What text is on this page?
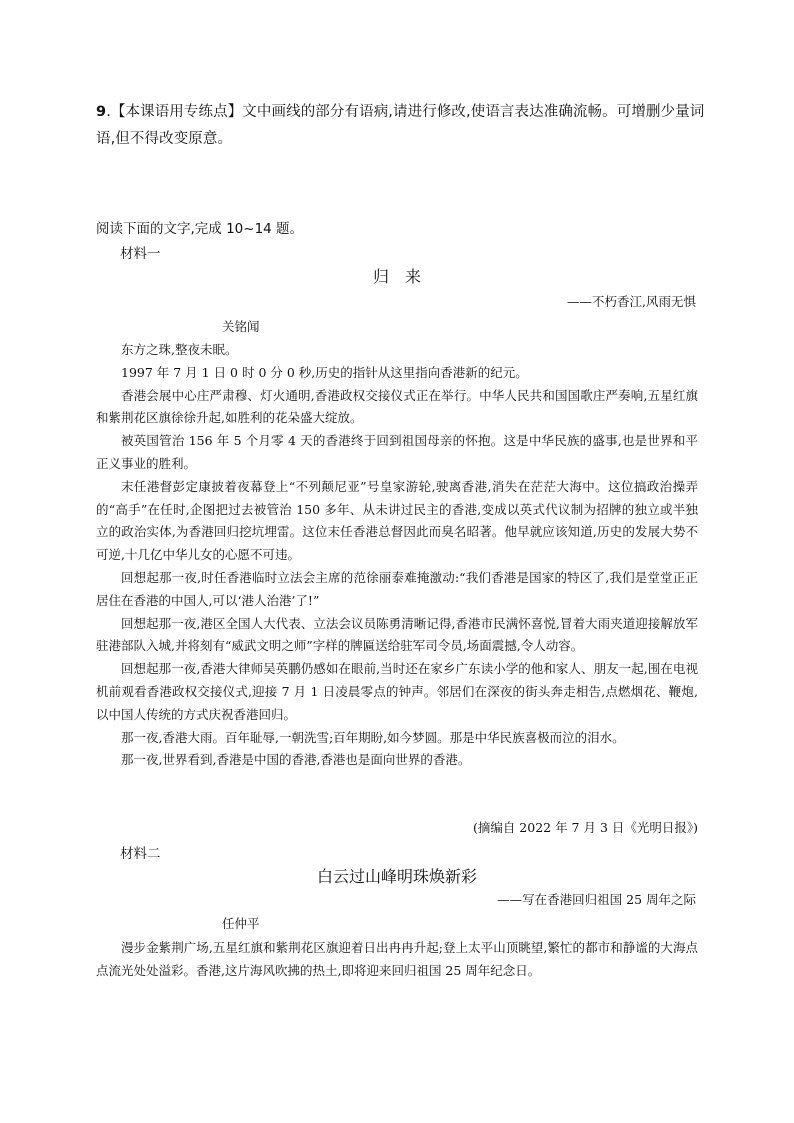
9.【本课语用专练点】文中画线的部分有语病,请进行修改,使语言表达准确流畅。可增删少量词语,但不得改变原意。
阅读下面的文字,完成 10~14 题。
材料一
归来
——不朽香江,风雨无惧
关铭闻

东方之珠,整夜未眠。

1997 年 7 月 1 日 0 时 0 分 0 秒,历史的指针从这里指向香港新的纪元。

香港会展中心庄严肃穆、灯火通明,香港政权交接仪式正在举行。中华人民共和国国歌庄严奏响,五星红旗和紫荆花区旗徐徐升起,如胜利的花朵盛大绽放。

被英国管治 156 年 5 个月零 4 天的香港终于回到祖国母亲的怀抱。这是中华民族的盛事,也是世界和平正义事业的胜利。

末任港督彭定康披着夜幕登上“不列颠尼亚”号皇家游轮,驶离香港,消失在茫茫大海中。这位搞政治操弄的“高手”在任时,企图把过去被管治 150 多年、从未讲过民主的香港,变成以英式代议制为招牌的独立或半独立的政治实体,为香港回归挖坑埋雷。这位末任香港总督因此而臭名昭著。他早就应该知道,历史的发展大势不可逆,十几亿中华儿女的心愿不可违。

回想起那一夜,时任香港临时立法会主席的范徐丽泰难掩激动:“我们香港是国家的特区了,我们是堂堂正正居住在香港的中国人,可以‘港人治港’了!”

回想起那一夜,港区全国人大代表、立法会议员陈勇清晰记得,香港市民满怀喜悦,冒着大雨夹道迎接解放军驻港部队入城,并将刻有“威武文明之师”字样的牌匾送给驻军司令员,场面震撼,令人动容。

回想起那一夜,香港大律师吴英鹏仍感如在眼前,当时还在家乡广东读小学的他和家人、朋友一起,围在电视机前观看香港政权交接仪式,迎接 7 月 1 日凌晨零点的钟声。邻居们在深夜的街头奔走相告,点燃烟花、鞭炮,以中国人传统的方式庆祝香港回归。

那一夜,香港大雨。百年耻辱,一朝洗雪;百年期盼,如今梦圆。那是中华民族喜极而泣的泪水。

那一夜,世界看到,香港是中国的香港,香港也是面向世界的香港。

(摘编自 2022 年 7 月 3 日《光明日报》)
材料二
白云过山峰明珠焕新彩
——写在香港回归祖国 25 周年之际
任仲平

漫步金紫荆广场,五星红旗和紫荆花区旗迎着日出冉冉升起;登上太平山顶眺望,繁忙的都市和静谧的大海点点流光处处溢彩。香港,这片海风吹拂的热土,即将迎来回归祖国 25 周年纪念日。
